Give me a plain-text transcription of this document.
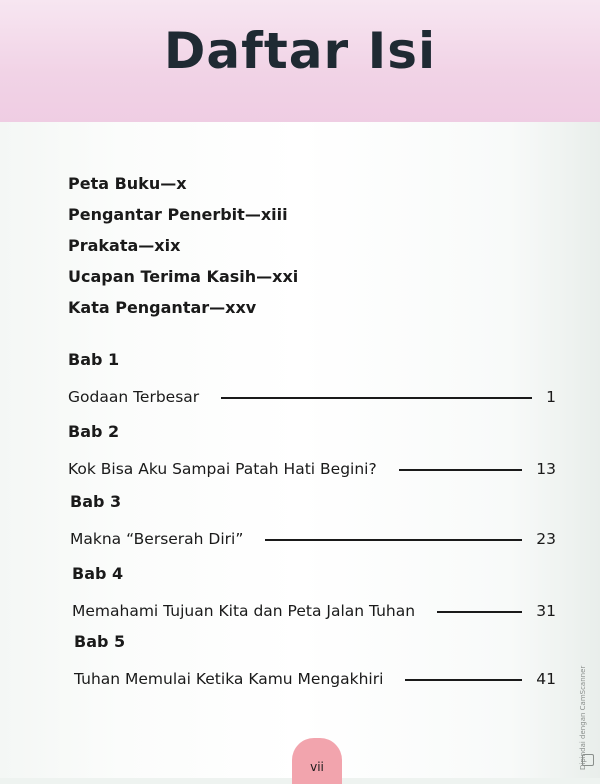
Daftar Isi
Peta Buku—x
Pengantar Penerbit—xiii
Prakata—xix
Ucapan Terima Kasih—xxi
Kata Pengantar—xxv
Bab 1
Godaan Terbesar	1
Bab 2
Kok Bisa Aku Sampai Patah Hati Begini?	13
Bab 3
Makna “Berserah Diri”	23
Bab 4
Memahami Tujuan Kita dan Peta Jalan Tuhan	31
Bab 5
Tuhan Memulai Ketika Kamu Mengakhiri	41
vii	Dipindai dengan CamScanner
